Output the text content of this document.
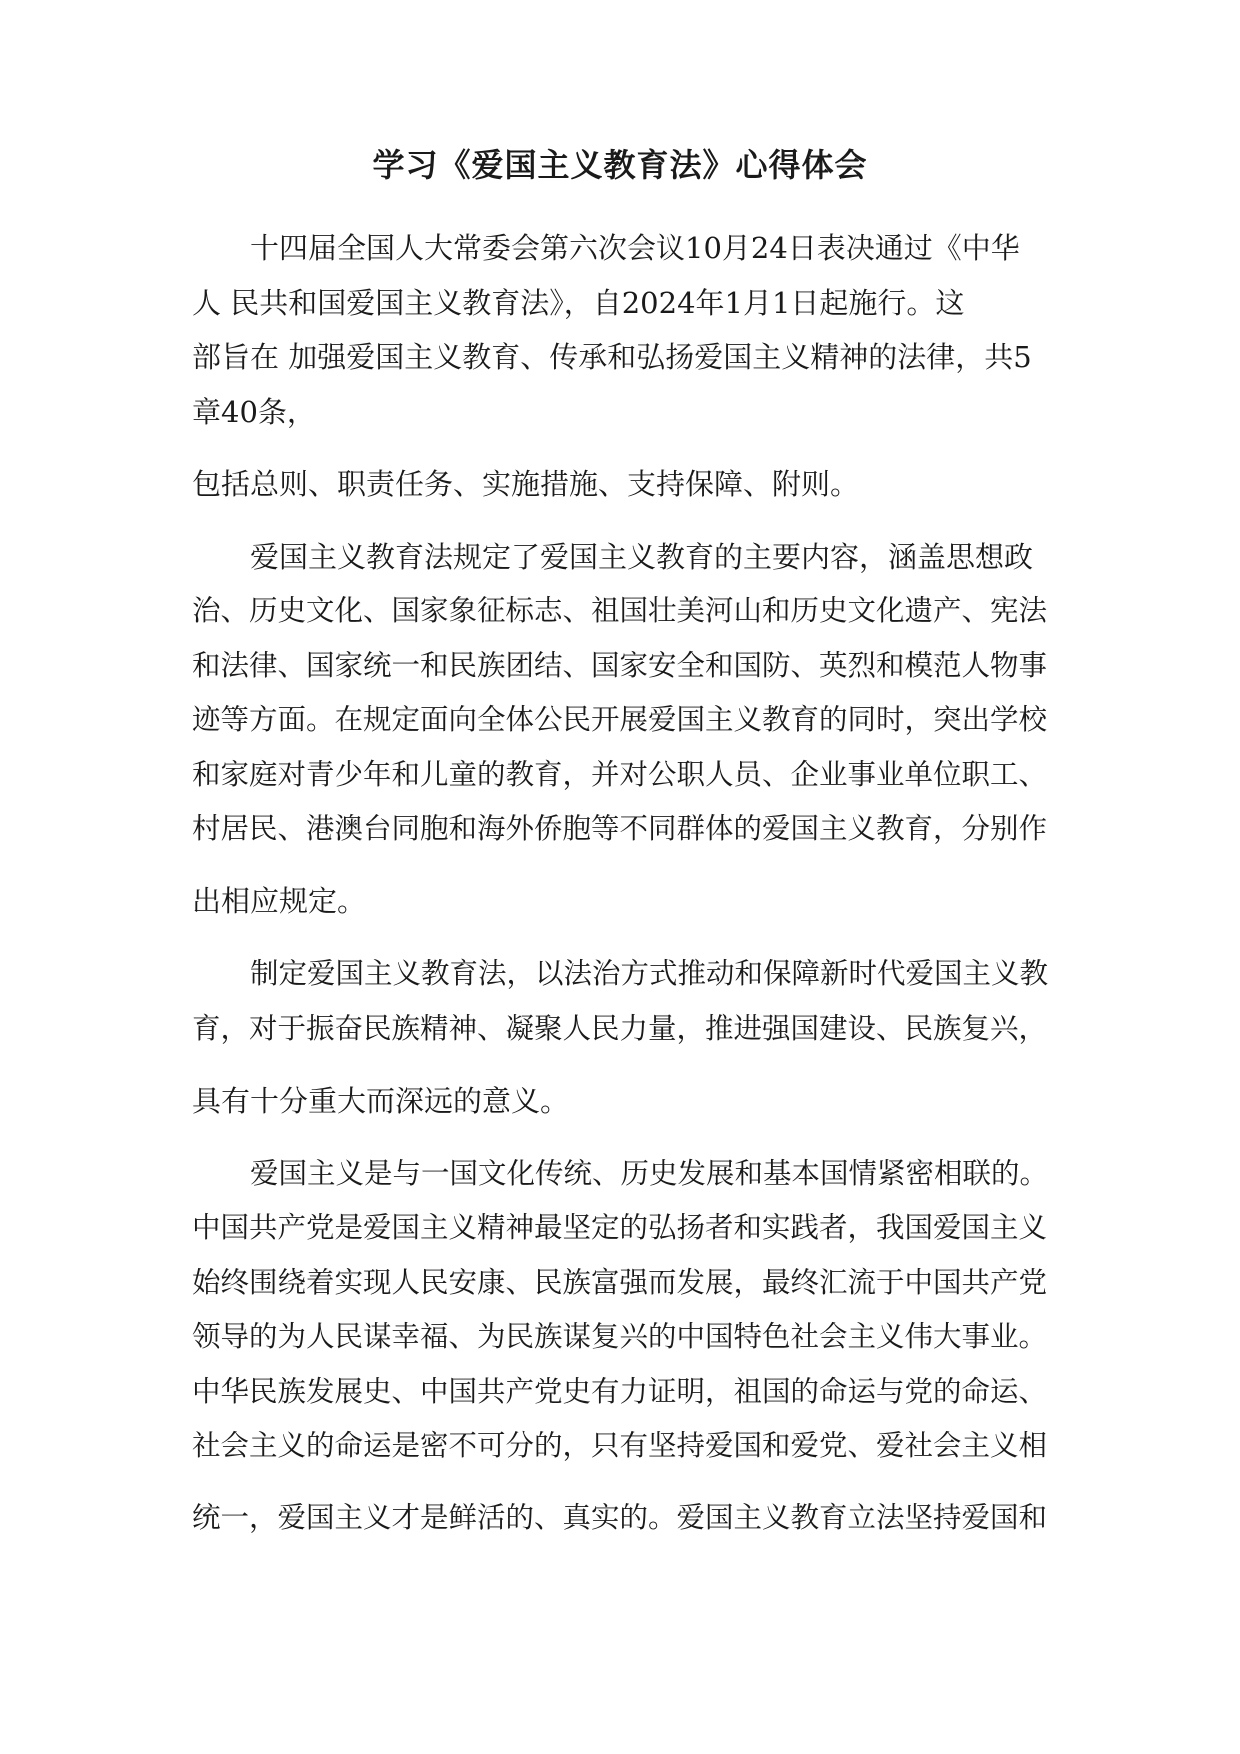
学习《爱国主义教育法》心得体会
十四届全国人大常委会第六次会议10月24日表决通过《中华
人 民共和国爱国主义教育法》，自2024年1月1日起施行。这
部旨在 加强爱国主义教育、传承和弘扬爱国主义精神的法律，共5
章40条，
包括总则、职责任务、实施措施、支持保障、附则。
爱国主义教育法规定了爱国主义教育的主要内容，涵盖思想政
治、历史文化、国家象征标志、祖国壮美河山和历史文化遗产、宪法
和法律、国家统一和民族团结、国家安全和国防、英烈和模范人物事
迹等方面。在规定面向全体公民开展爱国主义教育的同时，突出学校
和家庭对青少年和儿童的教育，并对公职人员、企业事业单位职工、
村居民、港澳台同胞和海外侨胞等不同群体的爱国主义教育，分别作
出相应规定。
制定爱国主义教育法，以法治方式推动和保障新时代爱国主义教
育，对于振奋民族精神、凝聚人民力量，推进强国建设、民族复兴，
具有十分重大而深远的意义。
爱国主义是与一国文化传统、历史发展和基本国情紧密相联的。
中国共产党是爱国主义精神最坚定的弘扬者和实践者，我国爱国主义
始终围绕着实现人民安康、民族富强而发展，最终汇流于中国共产党
领导的为人民谋幸福、为民族谋复兴的中国特色社会主义伟大事业。
中华民族发展史、中国共产党史有力证明，祖国的命运与党的命运、
社会主义的命运是密不可分的，只有坚持爱国和爱党、爱社会主义相
统一，爱国主义才是鲜活的、真实的。爱国主义教育立法坚持爱国和
